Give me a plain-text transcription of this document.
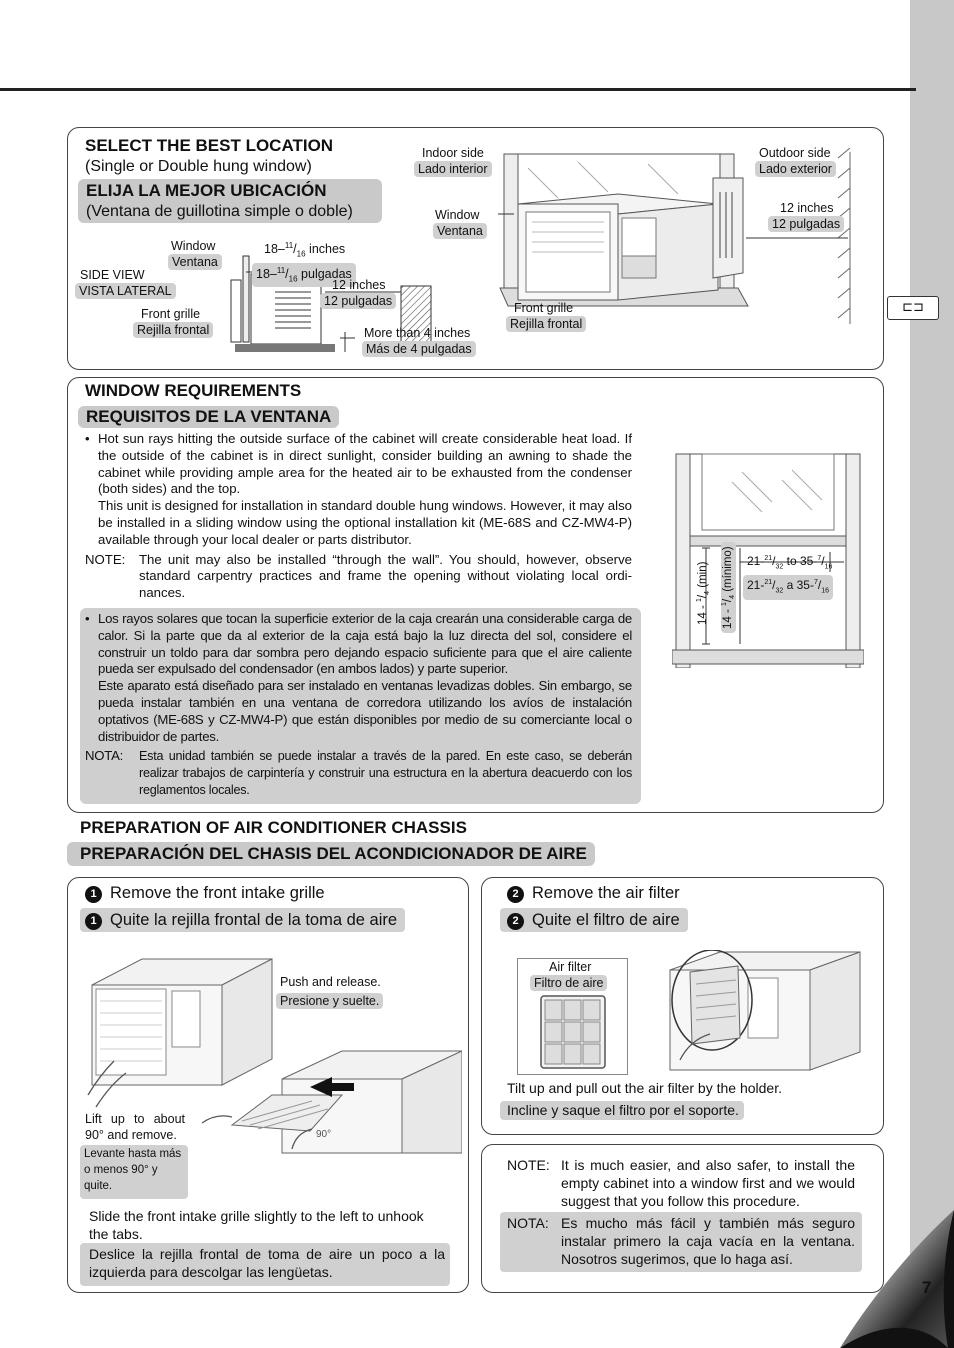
⊏⊐
SELECT THE BEST LOCATION
(Single or Double hung window)
ELIJA LA MEJOR UBICACIÓN
(Ventana de guillotina simple o doble)
Window
Ventana
$18-^{11}/_{16}$ inches
$18-^{11}/_{16}$ pulgadas
SIDE VIEW
VISTA LATERAL	12 inches
12 pulgadas
Front grille
Rejilla frontal	More than 4 inches
Más de 4 pulgadas
Indoor side
Lado interior
Window
Ventana
Front grille
Rejilla frontal
Outdoor side
Lado exterior
12 inches
12 pulgadas
WINDOW REQUIREMENTS
REQUISITOS DE LA VENTANA

• Hot sun rays hitting the outside surface of the cabinet will create considerable heat load. If the outside of the cabinet is in direct sunlight, consider building an awning to shade the cabinet while providing ample area for the heated air to be exhausted from the condenser (both sides) and the top.

This unit is designed for installation in standard double hung windows. However, it may also be installed in a sliding window using the optional installation kit (ME-68S and CZ-MW4-P) available through your local dealer or parts distributor.

NOTE:	The unit may also be installed “through the wall”. You should, however, observe standard carpentry practices and frame the opening without violating local ordi- nances.

• Los rayos solares que tocan la superficie exterior de la caja crearán una considerable carga de calor. Si la parte que da al exterior de la caja está bajo la luz directa del sol, considere el construir un toldo para dar sombra pero dejando espacio suficiente para que el aire caliente pueda ser expulsado del condensador (en ambos lados) y parte superior.

Este aparato está diseñado para ser instalado en ventanas levadizas dobles. Sin embargo, se pueda instalar también en una ventana de corredora utilizando los avíos de instalación optativos (ME-68S y CZ-MW4-P) que están disponibles por medio de su comerciante local o distribuidor de partes.

NOTA:	Esta unidad también se puede instalar a través de la pared. En este caso, se deberán realizar trabajos de carpintería y construir una estructura en la abertura deacuerdo con los reglamentos locales.
$21-^{21}/_{32}$ to $35-^7/_{16}$
$21-^{21}/_{32}$ a $35-^7/_{16}$
$14 - ^1/_4$ (min)
$14 - ^1/_4$ (mínimo)
PREPARATION OF AIR CONDITIONER CHASSIS
PREPARACIÓN DEL CHASIS DEL ACONDICIONADOR DE AIRE
1 Remove the front intake grille
1 Quite la rejilla frontal de la toma de aire
Push and release.
Presione y suelte.
90°
Lift up to about 90° and remove.
Levante hasta más o menos 90° y quite.
Slide the front intake grille slightly to the left to unhook the tabs.
Deslice la rejilla frontal de toma de aire un poco a la izquierda para descolgar las lengüetas.
2 Remove the air filter
2 Quite el filtro de aire
Air filter
Filtro de aire
Tilt up and pull out the air filter by the holder.
Incline y saque el filtro por el soporte.
NOTE: It is much easier, and also safer, to install the empty cabinet into a window first and we would suggest that you follow this procedure.
NOTA: Es mucho más fácil y también más seguro instalar primero la caja vacía en la ventana. Nosotros sugerimos, que lo haga así.
7
